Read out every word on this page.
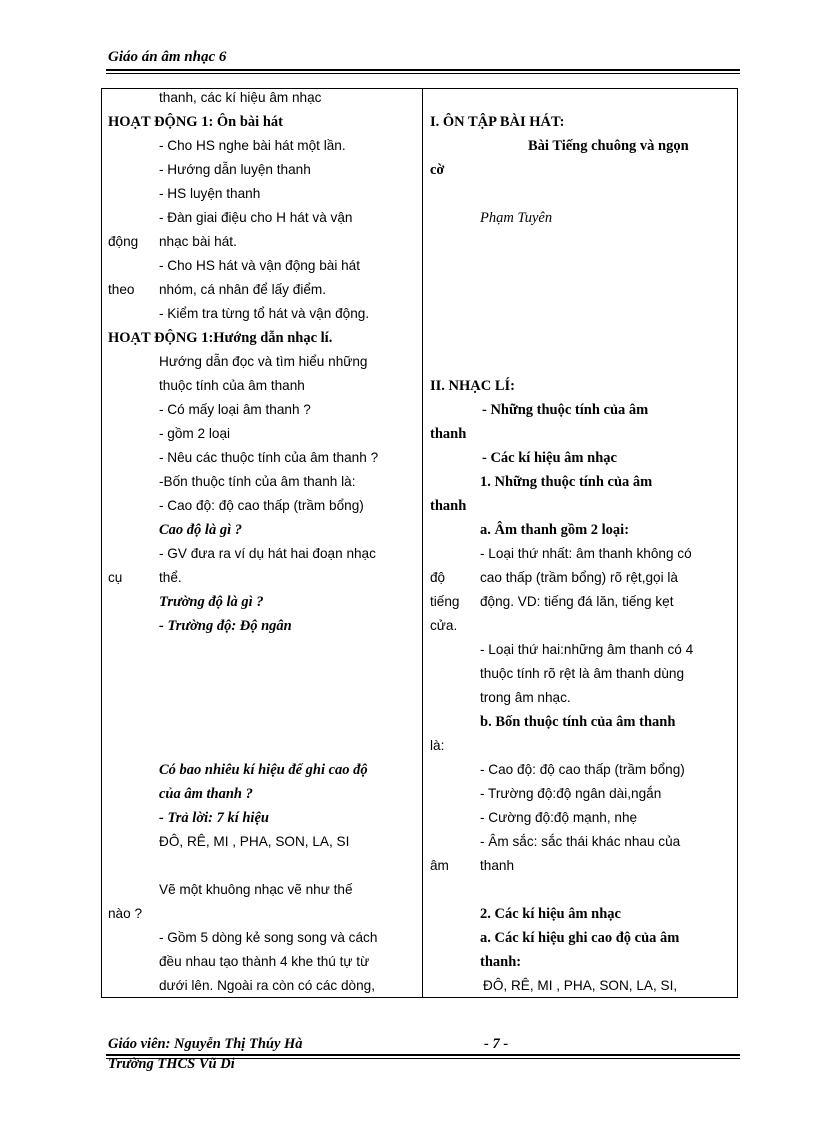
Giáo án âm nhạc 6
thanh, các kí hiệu âm nhạc
HOẠT ĐỘNG 1: Ôn bài hát
- Cho HS nghe bài hát một lần.
- Hướng dẫn luyện thanh
- HS luyện thanh
- Đàn giai điệu cho H hát và vận
động nhạc bài hát.
- Cho HS hát và vận động bài hát
theo nhóm, cá nhân để lấy điểm.
- Kiểm tra từng tổ hát và vận động.
HOẠT ĐỘNG 1:Hướng dẫn nhạc lí.
Hướng dẫn đọc và tìm hiểu những
thuộc tính của âm thanh
- Có mấy loại âm thanh ?
- gồm 2 loại
- Nêu các thuộc tính của âm thanh ?
-Bốn thuộc tính của âm thanh là:
- Cao độ: độ cao thấp (trầm bổng)
Cao độ là gì ?
- GV đưa ra ví dụ hát hai đoạn nhạc
cụ	thể.
Trường độ là gì ?
- Trường độ: Độ ngân
Có bao nhiêu kí hiệu để ghi cao độ
của âm thanh ?
- Trả lời: 7 kí hiệu
ĐÔ, RÊ, MI , PHA, SON, LA, SI
Vẽ một khuông nhạc vẽ như thế
nào ?
- Gồm 5 dòng kẻ song song và cách
đều nhau tạo thành 4 khe thú tự từ
dưới lên. Ngoài ra còn có các dòng,
I. ÔN TẬP BÀI HÁT:
Bài Tiếng chuông và ngọn
cờ
Phạm Tuyên
II. NHẠC LÍ:
- Những thuộc tính của âm
thanh
- Các kí hiệu âm nhạc
1. Những thuộc tính của âm
thanh
a. Âm thanh gồm 2 loại:
- Loại thứ nhất: âm thanh không có
độ	cao thấp (trầm bổng) rõ rệt,gọi là
tiếng động. VD: tiếng đá lăn, tiếng kẹt
cửa.
- Loại thứ hai:những âm thanh có 4
thuộc tính rõ rệt là âm thanh dùng
trong âm nhạc.
b. Bốn thuộc tính của âm thanh
là:
- Cao độ: độ cao thấp (trầm bổng)
- Trường độ:độ ngân dài,ngắn
- Cường độ:độ mạnh, nhẹ
- Âm sắc: sắc thái khác nhau của
âm thanh
2. Các kí hiệu âm nhạc
a. Các kí hiệu ghi cao độ của âm
thanh:
ĐÔ, RÊ, MI , PHA, SON, LA, SI,
Giáo viên: Nguyễn Thị Thúy Hà	- 7 -
Trường THCS Vũ Di
